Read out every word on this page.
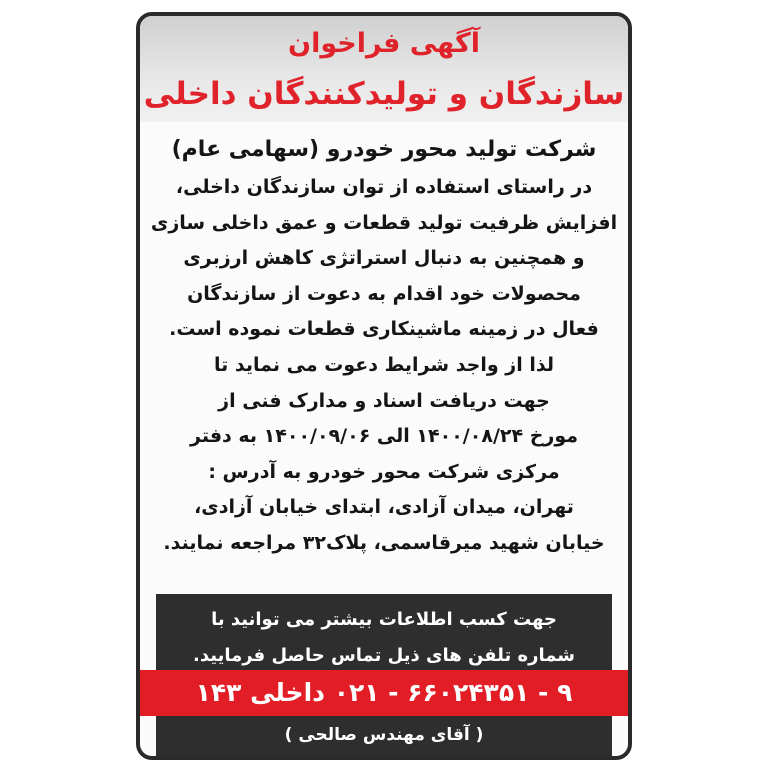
آگهی فراخوان
سازندگان و تولیدکنندگان داخلی
شرکت تولید محور خودرو (سهامی عام)
در راستای استفاده از توان سازندگان داخلی،
افزایش ظرفیت تولید قطعات و عمق داخلی سازی
و همچنین به دنبال استراتژی کاهش ارزبری
محصولات خود اقدام به دعوت از سازندگان
فعال در زمینه ماشینکاری قطعات نموده است.
لذا از واجد شرایط دعوت می نماید تا
جهت دریافت اسناد و مدارک فنی از
مورخ ۱۴۰۰/۰۸/۲۴ الی ۱۴۰۰/۰۹/۰۶ به دفتر
مرکزی شرکت محور خودرو به آدرس :
تهران، میدان آزادی، ابتدای خیابان آزادی،
خیابان شهید میرقاسمی، پلاک۳۲ مراجعه نمایند.
جهت کسب اطلاعات بیشتر می توانید با
شماره تلفن های ذیل تماس حاصل فرمایید.
۹ - ۶۶۰۲۴۳۵۱ - ۰۲۱ داخلی ۱۴۳
( آقای مهندس صالحی )
